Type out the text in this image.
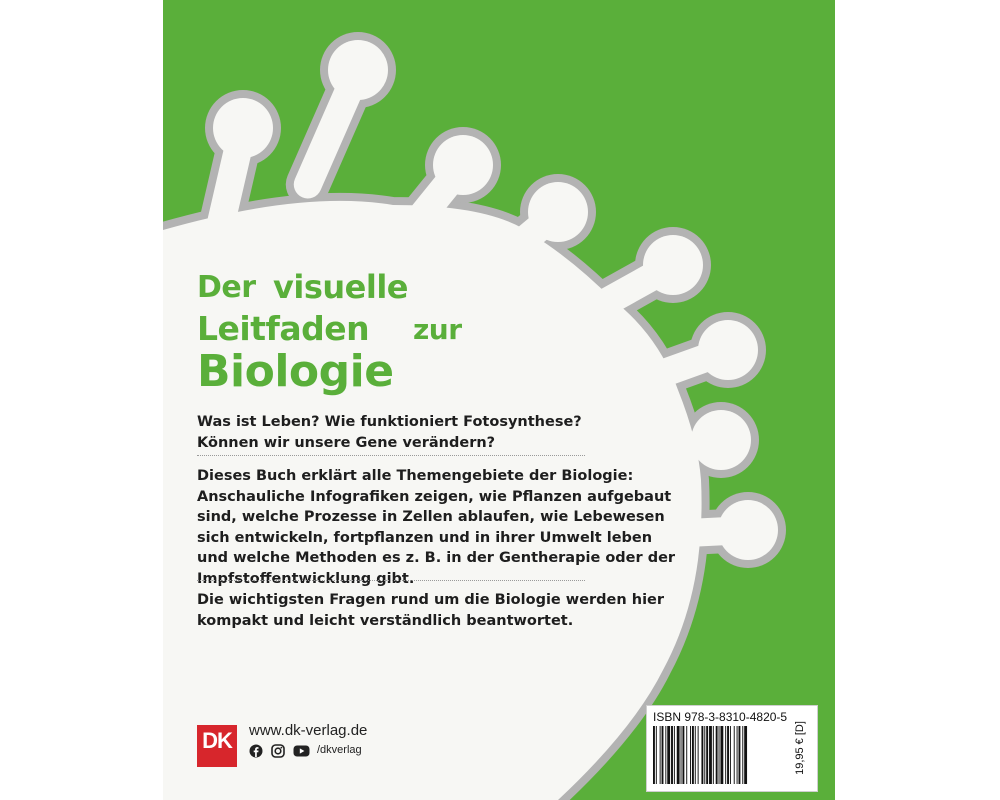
Der visuelle
Leitfaden zur
Biologie
Was ist Leben? Wie funktioniert Fotosynthese?
Können wir unsere Gene verändern?
Dieses Buch erklärt alle Themengebiete der Biologie:
Anschauliche Infografiken zeigen, wie Pflanzen aufgebaut
sind, welche Prozesse in Zellen ablaufen, wie Lebewesen
sich entwickeln, fortpflanzen und in ihrer Umwelt leben
und welche Methoden es z. B. in der Gentherapie oder der
Impfstoffentwicklung gibt.
Die wichtigsten Fragen rund um die Biologie werden hier
kompakt und leicht verständlich beantwortet.
DK	www.dk-verlag.de
/dkverlag
ISBN 978-3-8310-4820-5
19,95 € [D]
